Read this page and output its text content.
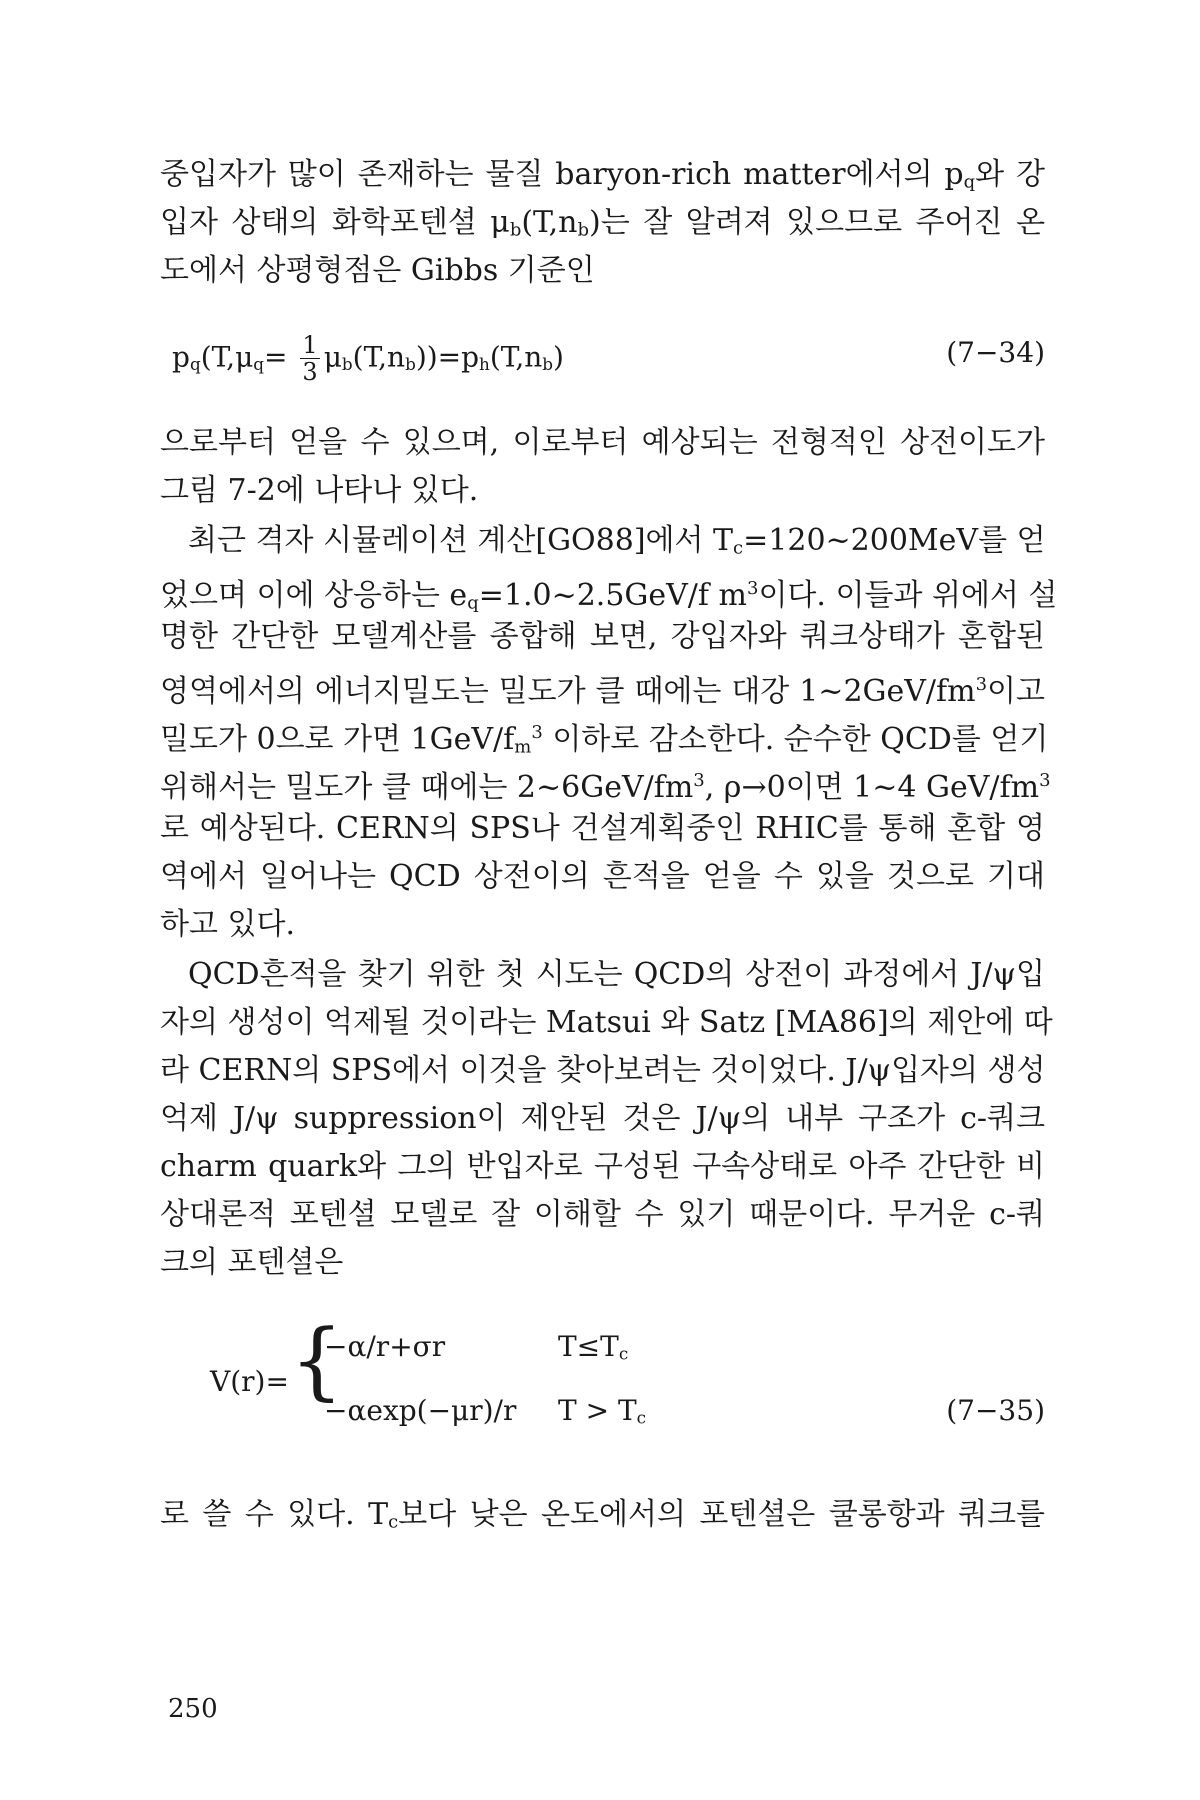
중입자가 많이 존재하는 물질 baryon-rich matter에서의 $p_q$와 강
입자 상태의 화학포텐셜 $\mu_b(T,n_b)$는 잘 알려져 있으므로 주어진 온
도에서 상평형점은 Gibbs 기준인
$p_q(T,\mu_q= \frac{1}{3} \mu_b(T,n_b))=p_h(T,n_b)$	(7−34)
으로부터 얻을 수 있으며, 이로부터 예상되는 전형적인 상전이도가
그림 7-2에 나타나 있다.
최근 격자 시뮬레이션 계산[GO88]에서 $T_c=120\sim 200MeV$를 얻
었으며 이에 상응하는 $e_q=1.0\sim 2.5GeV/f$ $m^3$이다. 이들과 위에서 설
명한 간단한 모델계산를 종합해 보면, 강입자와 쿼크상태가 혼합된
영역에서의 에너지밀도는 밀도가 클 때에는 대강 $1\sim 2GeV/fm^3$이고
밀도가 0으로 가면 $1GeV/f_m^3$ 이하로 감소한다. 순수한 QCD를 얻기
위해서는 밀도가 클 때에는 $2\sim 6GeV/fm^3$, ρ→0이면 1~4 GeV/$fm^3$
로 예상된다. CERN의 SPS나 건설계획중인 RHIC를 통해 혼합 영
역에서 일어나는 QCD 상전이의 흔적을 얻을 수 있을 것으로 기대
하고 있다.
QCD흔적을 찾기 위한 첫 시도는 QCD의 상전이 과정에서 J/ψ입
자의 생성이 억제될 것이라는 Matsui 와 Satz [MA86]의 제안에 따
라 CERN의 SPS에서 이것을 찾아보려는 것이었다. J/ψ입자의 생성
억제 J/ψ suppression이 제안된 것은 J/ψ의 내부 구조가 c-쿼크
charm quark와 그의 반입자로 구성된 구속상태로 아주 간단한 비
상대론적 포텐셜 모델로 잘 이해할 수 있기 때문이다. 무거운 c-쿼
크의 포텐셜은
V(r)= {
−α/r+σr	$T\le T_c$
−αexp(−μr)/r $T > T_c$	(7−35)
로 쓸 수 있다. $T_c$보다 낮은 온도에서의 포텐셜은 쿨롱항과 쿼크를
250
